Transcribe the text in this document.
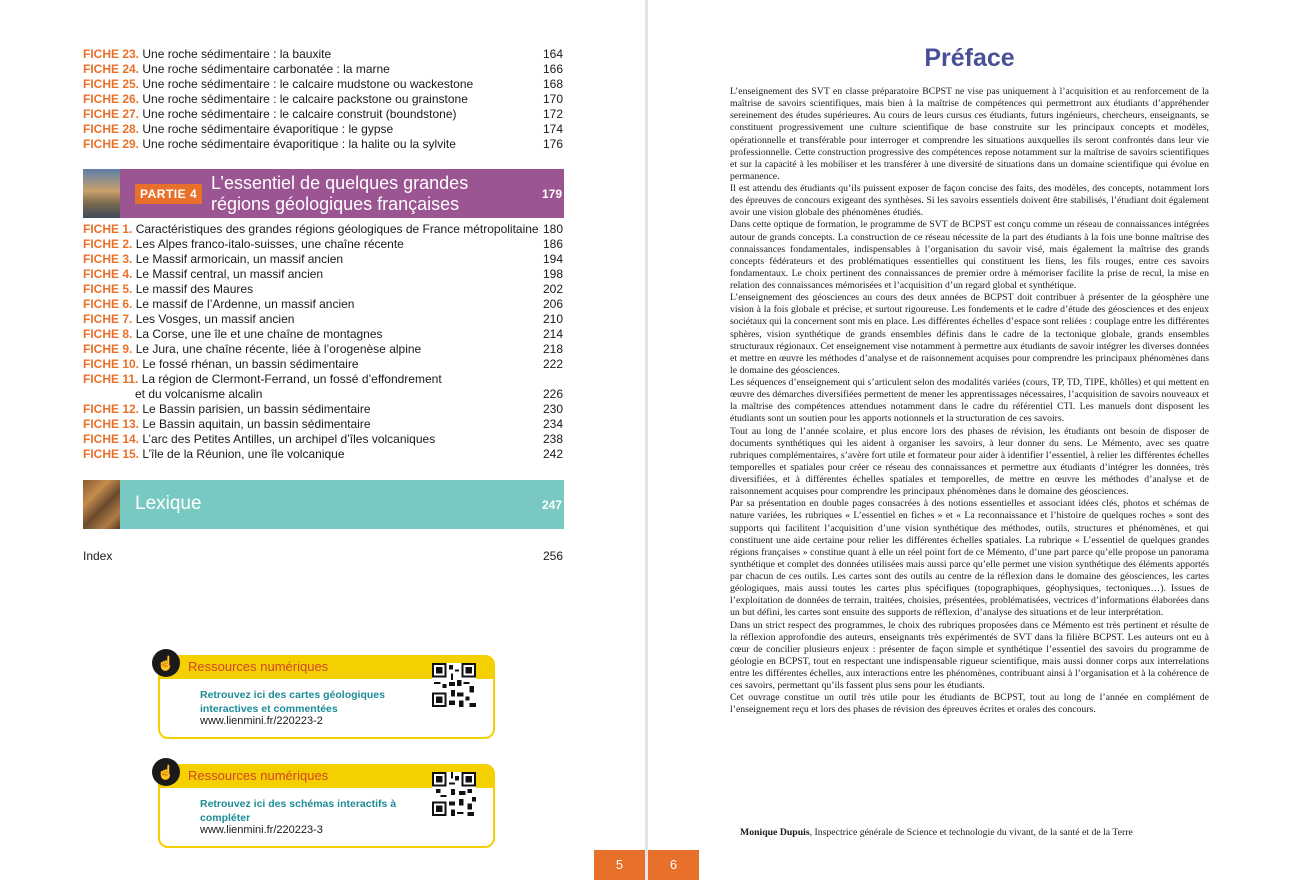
FICHE 23. Une roche sédimentaire : la bauxite	164
FICHE 24. Une roche sédimentaire carbonatée : la marne	166
FICHE 25. Une roche sédimentaire : le calcaire mudstone ou wackestone	168
FICHE 26. Une roche sédimentaire : le calcaire packstone ou grainstone	170
FICHE 27. Une roche sédimentaire : le calcaire construit (boundstone)	172
FICHE 28. Une roche sédimentaire évaporitique : le gypse	174
FICHE 29. Une roche sédimentaire évaporitique : la halite ou la sylvite	176
PARTIE 4
L’essentiel de quelques grandes régions géologiques françaises	179
FICHE 1. Caractéristiques des grandes régions géologiques de France métropolitaine 180
FICHE 2. Les Alpes franco-italo-suisses, une chaîne récente	186
FICHE 3. Le Massif armoricain, un massif ancien	194
FICHE 4. Le Massif central, un massif ancien	198
FICHE 5. Le massif des Maures	202
FICHE 6. Le massif de l’Ardenne, un massif ancien	206
FICHE 7. Les Vosges, un massif ancien	210
FICHE 8. La Corse, une île et une chaîne de montagnes	214
FICHE 9. Le Jura, une chaîne récente, liée à l’orogenèse alpine	218
FICHE 10. Le fossé rhénan, un bassin sédimentaire	222
FICHE 11. La région de Clermont-Ferrand, un fossé d’effondrement
et du volcanisme alcalin	226
FICHE 12. Le Bassin parisien, un bassin sédimentaire	230
FICHE 13. Le Bassin aquitain, un bassin sédimentaire	234
FICHE 14. L’arc des Petites Antilles, un archipel d’îles volcaniques	238
FICHE 15. L’île de la Réunion, une île volcanique	242
Lexique	247
Index	256
Ressources numériques
☝
Retrouvez ici des cartes géologiques interactives et commentées
www.lienmini.fr/220223-2
Ressources numériques
☝
Retrouvez ici des schémas interactifs à compléter
www.lienmini.fr/220223-3
5
Préface

L’enseignement des SVT en classe préparatoire BCPST ne vise pas uniquement à l’acquisition et au renforcement de la maîtrise de savoirs scientifiques, mais bien à la maîtrise de compétences qui permettront aux étudiants d’appréhender sereinement des études supérieures. Au cours de leurs cursus ces étudiants, futurs ingénieurs, chercheurs, enseignants, se constituent progressivement une culture scientifique de base construite sur les principaux concepts et modèles, opérationnelle et transférable pour interroger et comprendre les situations auxquelles ils seront confrontés dans leur vie professionnelle. Cette construction progressive des compétences repose notamment sur la maîtrise de savoirs scientifiques et sur la capacité à les mobiliser et les transférer à une diversité de situations dans un domaine scientifique qui évolue en permanence.

Il est attendu des étudiants qu’ils puissent exposer de façon concise des faits, des modèles, des concepts, notamment lors des épreuves de concours exigeant des synthèses. Si les savoirs essentiels doivent être stabilisés, l’étudiant doit également avoir une vision globale des phénomènes étudiés.

Dans cette optique de formation, le programme de SVT de BCPST est conçu comme un réseau de connaissances intégrées autour de grands concepts. La construction de ce réseau nécessite de la part des étudiants à la fois une bonne maîtrise des connaissances fondamentales, indispensables à l’organisation du savoir visé, mais également la maîtrise des grands concepts fédérateurs et des problématiques essentielles qui constituent les liens, les fils rouges, entre ces savoirs fondamentaux. Le choix pertinent des connaissances de premier ordre à mémoriser facilite la prise de recul, la mise en relation des connaissances mémorisées et l’acquisition d’un regard global et synthétique.

L’enseignement des géosciences au cours des deux années de BCPST doit contribuer à présenter de la géosphère une vision à la fois globale et précise, et surtout rigoureuse. Les fondements et le cadre d’étude des géosciences et des enjeux sociétaux qui la concernent sont mis en place. Les différentes échelles d’espace sont reliées : couplage entre les différentes sphères, vision synthétique de grands ensembles définis dans le cadre de la tectonique globale, grands ensembles structuraux régionaux. Cet enseignement vise notamment à permettre aux étudiants de savoir intégrer les diverses données et mettre en œuvre les méthodes d’analyse et de raisonnement acquises pour comprendre les principaux phénomènes dans le domaine des géosciences.

Les séquences d’enseignement qui s’articulent selon des modalités variées (cours, TP, TD, TIPE, khôlles) et qui mettent en œuvre des démarches diversifiées permettent de mener les apprentissages nécessaires, l’acquisition de savoirs nouveaux et la maîtrise des compétences attendues notamment dans le cadre du référentiel CTI. Les manuels dont disposent les étudiants sont un soutien pour les apports notionnels et la structuration de ces savoirs.

Tout au long de l’année scolaire, et plus encore lors des phases de révision, les étudiants ont besoin de disposer de documents synthétiques qui les aident à organiser les savoirs, à leur donner du sens. Le Mémento, avec ses quatre rubriques complémentaires, s’avère fort utile et formateur pour aider à identifier l’essentiel, à relier les différentes échelles temporelles et spatiales pour créer ce réseau des connaissances et permettre aux étudiants d’intégrer les données, très diversifiées, et à différentes échelles spatiales et temporelles, de mettre en œuvre les méthodes d’analyse et de raisonnement acquises pour comprendre les principaux phénomènes dans le domaine des géosciences.

Par sa présentation en double pages consacrées à des notions essentielles et associant idées clés, photos et schémas de nature variées, les rubriques « L’essentiel en fiches » et « La reconnaissance et l’histoire de quelques roches » sont des supports qui facilitent l’acquisition d’une vision synthétique des méthodes, outils, structures et phénomènes, et qui constituent une aide certaine pour relier les différentes échelles spatiales. La rubrique « L’essentiel de quelques grandes régions françaises » constitue quant à elle un réel point fort de ce Mémento, d’une part parce qu’elle propose un panorama synthétique et complet des données utilisées mais aussi parce qu’elle permet une vision synthétique des éléments apportés par chacun de ces outils. Les cartes sont des outils au centre de la réflexion dans le domaine des géosciences, les cartes géologiques, mais aussi toutes les cartes plus spécifiques (topographiques, géophysiques, tectoniques…). Issues de l’exploitation de données de terrain, traitées, choisies, présentées, problématisées, vectrices d’informations élaborées dans un but défini, les cartes sont ensuite des supports de réflexion, d’analyse des situations et de leur interprétation.

Dans un strict respect des programmes, le choix des rubriques proposées dans ce Mémento est très pertinent et résulte de la réflexion approfondie des auteurs, enseignants très expérimentés de SVT dans la filière BCPST. Les auteurs ont eu à cœur de concilier plusieurs enjeux : présenter de façon simple et synthétique l’essentiel des savoirs du programme de géologie en BCPST, tout en respectant une indispensable rigueur scientifique, mais aussi donner corps aux interrelations entre les différentes échelles, aux interactions entre les phénomènes, contribuant ainsi à l’organisation et à la cohérence de ces savoirs, permettant qu’ils fassent plus sens pour les étudiants.

Cet ouvrage constitue un outil très utile pour les étudiants de BCPST, tout au long de l’année en complément de l’enseignement reçu et lors des phases de révision des épreuves écrites et orales des concours.

Monique Dupuis, Inspectrice générale de Science et technologie du vivant, de la santé et de la Terre
6
